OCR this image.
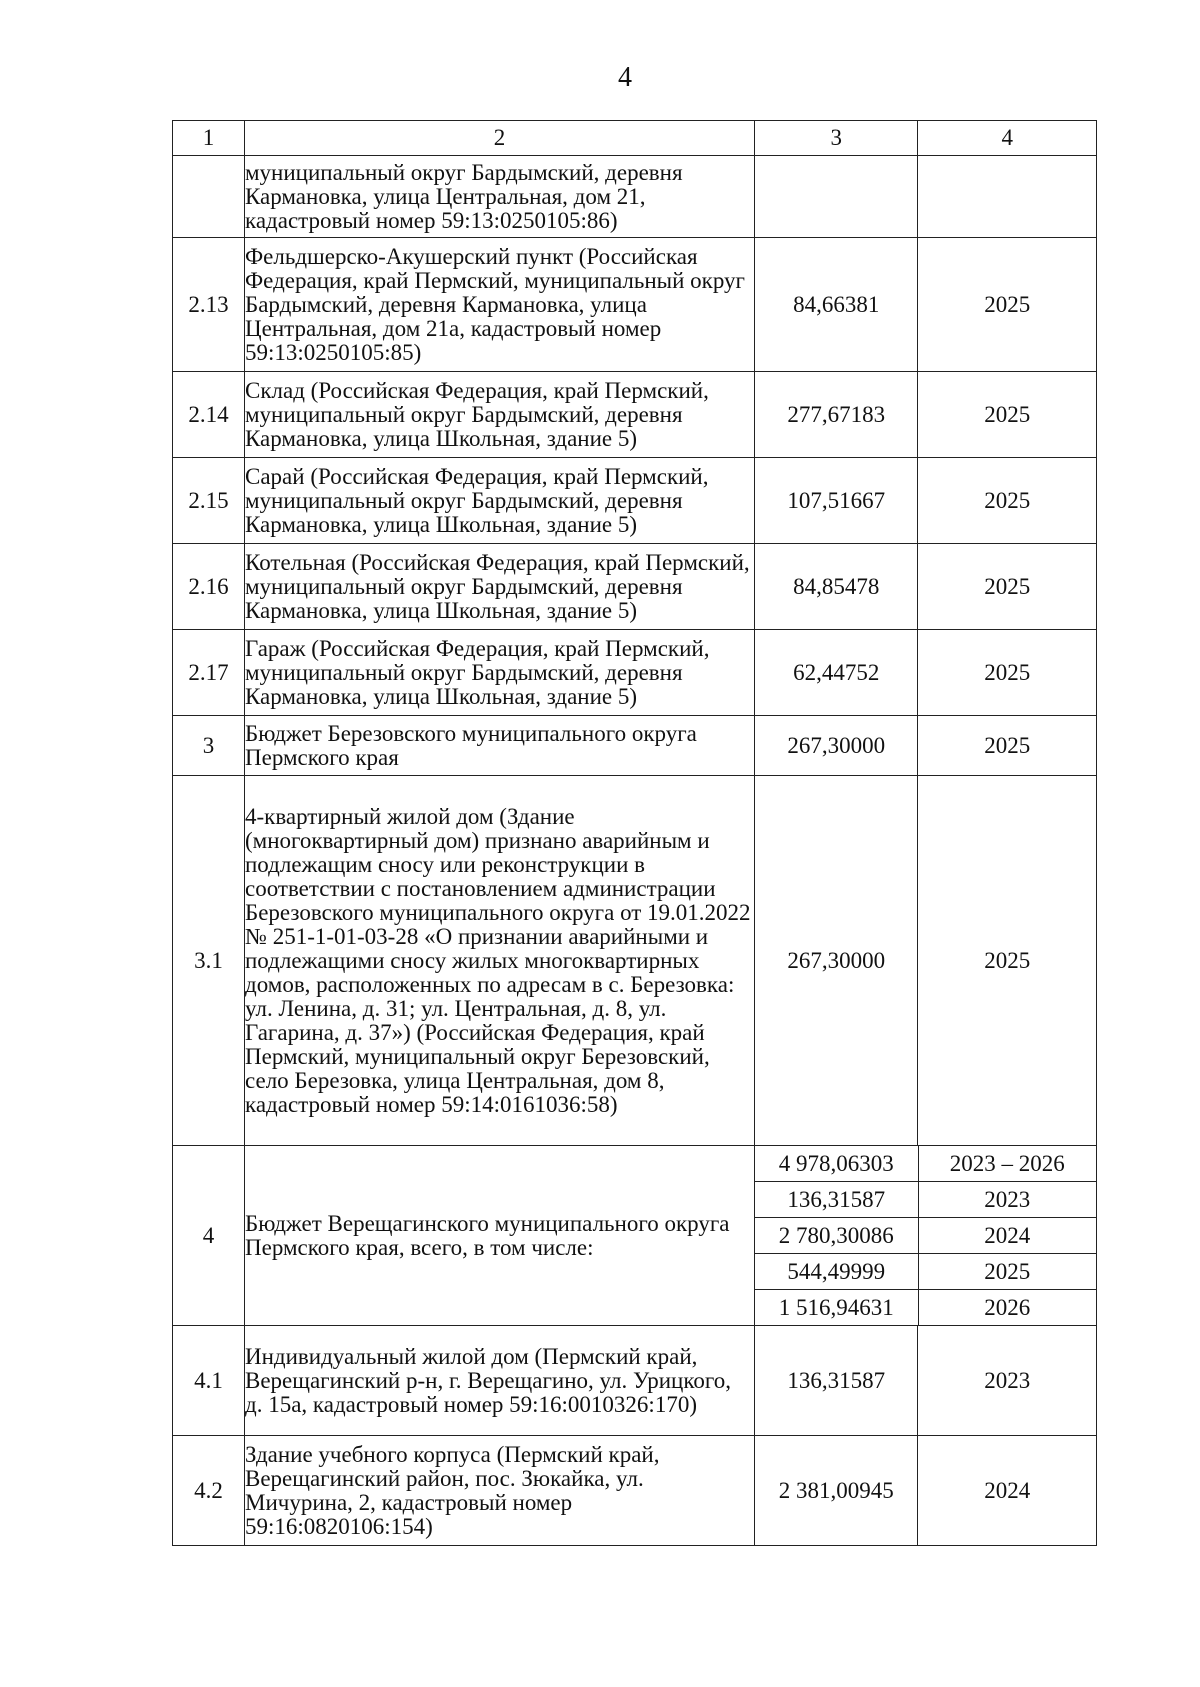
4
1	2	3	4
	муниципальный округ Бардымский, деревня Карманoвка, улица Центральная, дом 21, кадастровый номер 59:13:0250105:86)		
2.13	Фельдшерско-Акушерский пункт (Российская Федерация, край Пермский, муниципальный округ Бардымский, деревня Кармановка, улица Центральная, дом 21а, кадастровый номер 59:13:0250105:85)	84,66381	2025
2.14	Склад (Российская Федерация, край Пермский, муниципальный округ Бардымский, деревня Кармановка, улица Школьная, здание 5)	277,67183	2025
2.15	Сарай (Российская Федерация, край Пермский, муниципальный округ Бардымский, деревня Кармановка, улица Школьная, здание 5)	107,51667	2025
2.16	Котельная (Российская Федерация, край Пермский, муниципальный округ Бардымский, деревня Кармановка, улица Школьная, здание 5)	84,85478	2025
2.17	Гараж (Российская Федерация, край Пермский, муниципальный округ Бардымский, деревня Кармановка, улица Школьная, здание 5)	62,44752	2025
3	Бюджет Березовского муниципального округа Пермского края	267,30000	2025
3.1	4-квартирный жилой дом (Здание (многоквартирный дом) признано аварийным и подлежащим сносу или реконструкции в соответствии с постановлением администрации Березовского муниципального округа от 19.01.2022 № 251-1-01-03-28 «О признании аварийными и подлежащими сносу жилых многоквартирных домов, расположенных по адресам в с. Березовка: ул. Ленина, д. 31; ул. Центральная, д. 8, ул. Гагарина, д. 37») (Российская Федерация, край Пермский, муниципальный округ Березовский, село Березовка, улица Центральная, дом 8, кадастровый номер 59:14:0161036:58)	267,30000	2025
4	Бюджет Верещагинского муниципального округа Пермского края, всего, в том числе:	
4 978,06303	2023 – 2026
136,31587	2023
2 780,30086	2024
544,49999	2025
1 516,94631	2026

4.1	Индивидуальный жилой дом (Пермский край, Верещагинский р-н, г. Верещагино, ул. Урицкого, д. 15а, кадастровый номер 59:16:0010326:170)	136,31587	2023
4.2	Здание учебного корпуса (Пермский край, Верещагинский район, пос. Зюкайка, ул. Мичурина, 2, кадастровый номер 59:16:0820106:154)	2 381,00945	2024
